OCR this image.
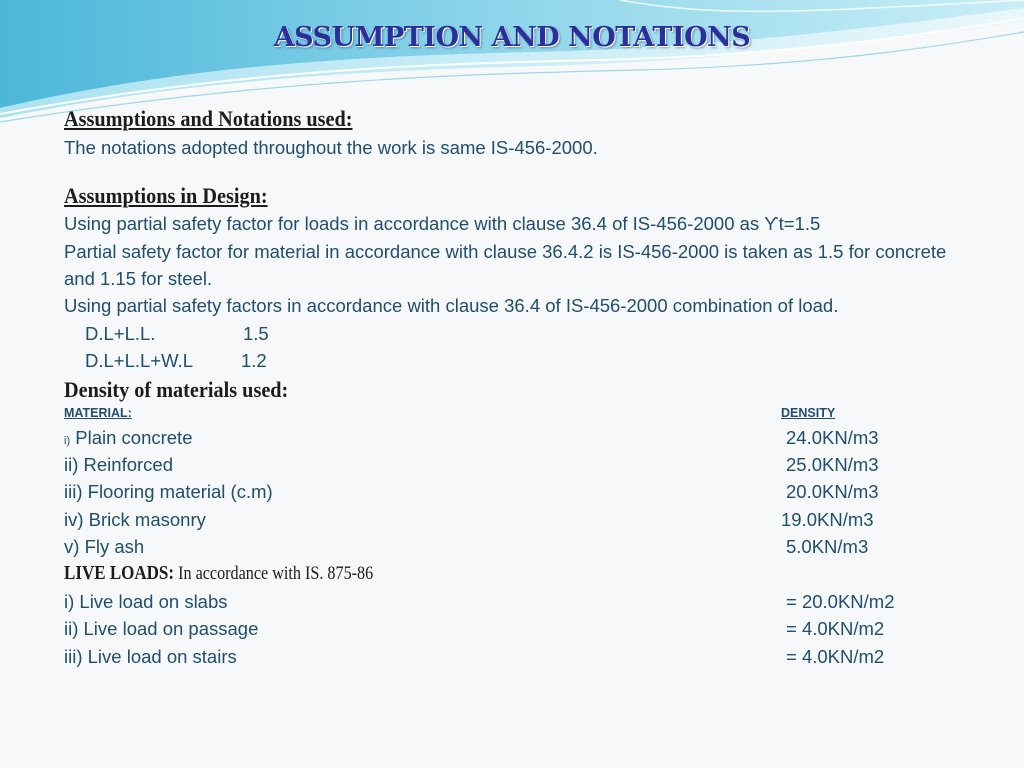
ASSUMPTION AND NOTATIONS
Assumptions and Notations used:
The notations adopted throughout the work is same IS-456-2000.
Assumptions in Design:
Using partial safety factor for loads in accordance with clause 36.4 of IS-456-2000 as ϒt=1.5
Partial safety factor for material in accordance with clause 36.4.2 is IS-456-2000 is taken as 1.5 for concrete
and 1.15 for steel.
Using partial safety factors in accordance with clause 36.4 of IS-456-2000 combination of load.
D.L+L.L.	1.5
D.L+L.L+W.L	1.2
Density of materials used:
MATERIAL:	DENSITY
i) Plain concrete	24.0KN/m3
ii) Reinforced	25.0KN/m3
iii) Flooring material (c.m)	20.0KN/m3
iv) Brick masonry	19.0KN/m3
v) Fly ash	5.0KN/m3
LIVE LOADS: In accordance with IS. 875-86
i) Live load on slabs	= 20.0KN/m2
ii) Live load on passage	= 4.0KN/m2
iii) Live load on stairs	= 4.0KN/m2
